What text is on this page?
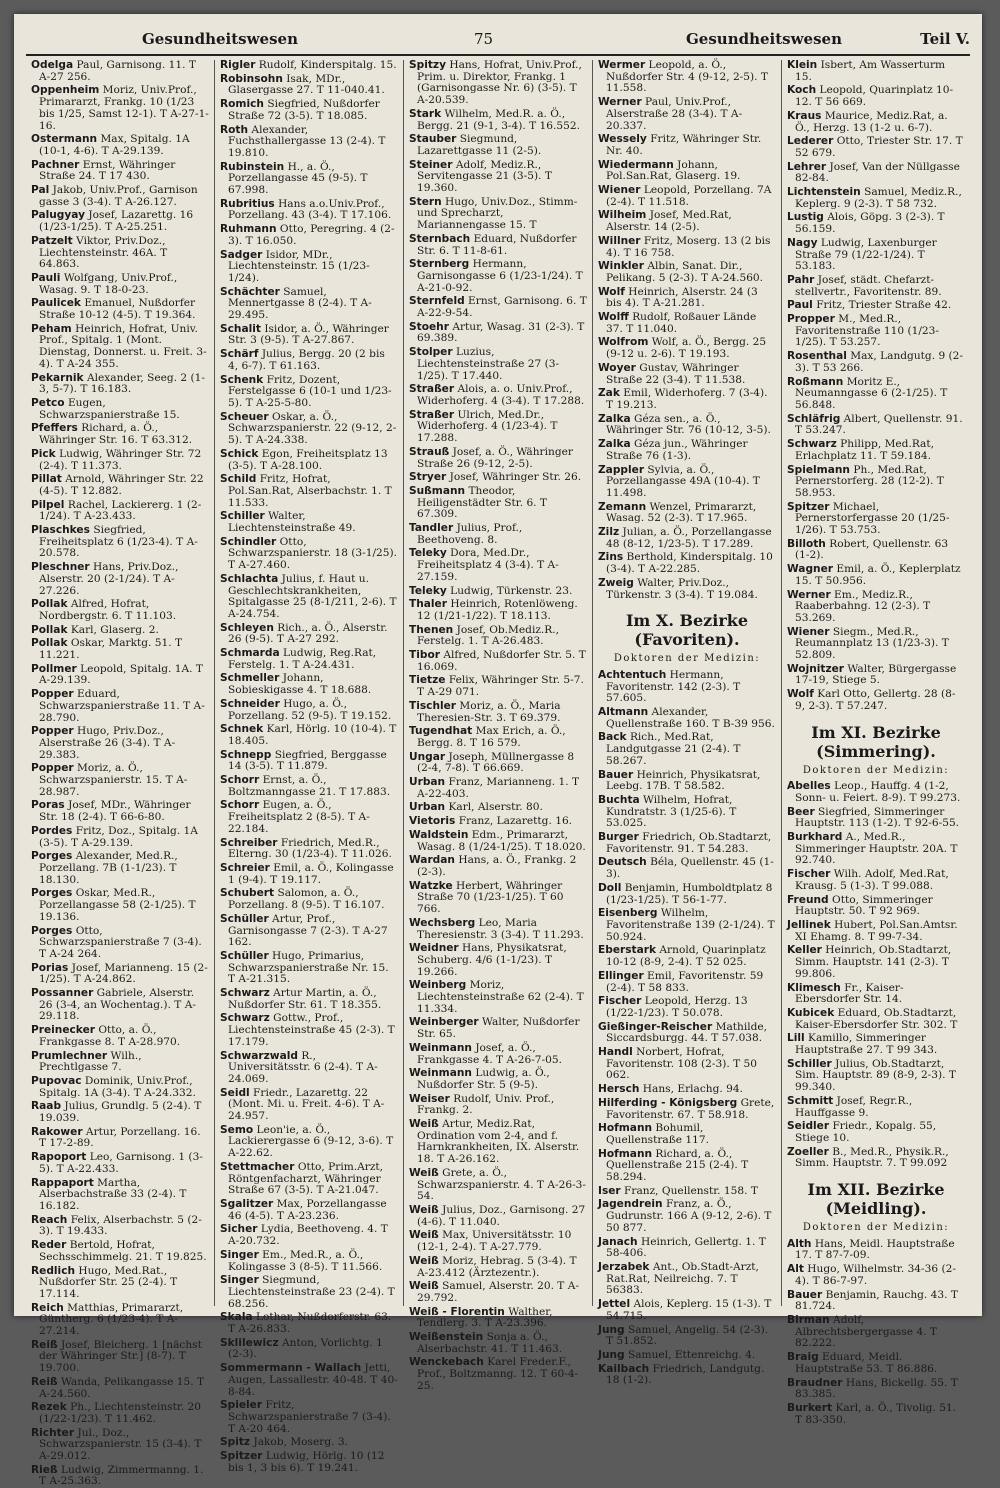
Gesundheitswesen	75	Gesundheitswesen	Teil V.
Odelga Paul, Garnisong. 11. T A-27 256.
Oppenheim Moriz, Univ.Prof., Primararzt, Frankg. 10 (1/23 bis 1/25, Samst 12-1). T A-27-1-16.
Ostermann Max, Spitalg. 1A (10-1, 4-6). T A-29.139.
Pachner Ernst, Währinger Straße 24. T 17 430.
Pal Jakob, Univ.Prof., Garnison gasse 3 (3-4). T A-26.127.
Palugyay Josef, Lazarettg. 16 (1/23-1/25). T A-25.251.
Patzelt Viktor, Priv.Doz., Liechtensteinstr. 46A. T 64.863.
Pauli Wolfgang, Univ.Prof., Wasag. 9. T 18-0-23.
Paulicek Emanuel, Nußdorfer Straße 10-12 (4-5). T 19.364.
Peham Heinrich, Hofrat, Univ. Prof., Spitalg. 1 (Mont. Dienstag, Donnerst. u. Freit. 3-4). T A-24 355.
Pekarnik Alexander, Seeg. 2 (1-3, 5-7). T 16.183.
Petco Eugen, Schwarzspanierstraße 15.
Pfeffers Richard, a. Ö., Währinger Str. 16. T 63.312.
Pick Ludwig, Währinger Str. 72 (2-4). T 11.373.
Pillat Arnold, Währinger Str. 22 (4-5). T 12.882.
Pilpel Rachel, Lackiererg. 1 (2-1/24). T A-23.433.
Plaschkes Siegfried, Freiheitsplatz 6 (1/23-4). T A-20.578.
Pleschner Hans, Priv.Doz., Alserstr. 20 (2-1/24). T A-27.226.
Pollak Alfred, Hofrat, Nordbergstr. 6. T 11.103.
Pollak Karl, Glaserg. 2.
Pollak Oskar, Marktg. 51. T 11.221.
Pollmer Leopold, Spitalg. 1A. T A-29.139.
Popper Eduard, Schwarzspanierstraße 11. T A-28.790.
Popper Hugo, Priv.Doz., Alserstraße 26 (3-4). T A-29.383.
Popper Moriz, a. Ö., Schwarzspanierstr. 15. T A-28.987.
Poras Josef, MDr., Währinger Str. 18 (2-4). T 66-6-80.
Pordes Fritz, Doz., Spitalg. 1A (3-5). T A-29.139.
Porges Alexander, Med.R., Porzellang. 7B (1-1/23). T 18.130.
Porges Oskar, Med.R., Porzellangasse 58 (2-1/25). T 19.136.
Porges Otto, Schwarzspanierstraße 7 (3-4). T A-24 264.
Porias Josef, Marianneng. 15 (2-1/25). T A-24.862.
Possanner Gabriele, Alserstr. 26 (3-4, an Wochentag.). T A-29.118.
Preinecker Otto, a. Ö., Frankgasse 8. T A-28.970.
Prumlechner Wilh., Prechtlgasse 7.
Pupovac Dominik, Univ.Prof., Spitalg. 1A (3-4). T A-24.332.
Raab Julius, Grundlg. 5 (2-4). T 19.039.
Rakower Artur, Porzellang. 16. T 17-2-89.
Rapoport Leo, Garnisong. 1 (3-5). T A-22.433.
Rappaport Martha, Alserbachstraße 33 (2-4). T 16.182.
Reach Felix, Alserbachstr. 5 (2-3). T 19.433.
Reder Bertold, Hofrat, Sechsschimmelg. 21. T 19.825.
Redlich Hugo, Med.Rat., Nußdorfer Str. 25 (2-4). T 17.114.
Reich Matthias, Primararzt, Güntherg. 6 (1/23-4). T A-27.214.
Reiß Josef, Bleicherg. 1 [nächst der Währinger Str.] (8-7). T 19.700.
Reiß Wanda, Pelikangasse 15. T A-24.560.
Rezek Ph., Liechtensteinstr. 20 (1/22-1/23). T 11.462.
Richter Jul., Doz., Schwarzspanierstr. 15 (3-4). T A-29.012.
Rieß Ludwig, Zimmermanng. 1. T A-25.363.
Rigler Rudolf, Kinderspitalg. 15.
Robinsohn Isak, MDr., Glasergasse 27. T 11-040.41.
Romich Siegfried, Nußdorfer Straße 72 (3-5). T 18.085.
Roth Alexander, Fuchsthallergasse 13 (2-4). T 19.810.
Rubinstein H., a. Ö., Porzellangasse 45 (9-5). T 67.998.
Rubritius Hans a.o.Univ.Prof., Porzellang. 43 (3-4). T 17.106.
Ruhmann Otto, Peregring. 4 (2-3). T 16.050.
Sadger Isidor, MDr., Liechtensteinstr. 15 (1/23-1/24).
Schächter Samuel, Mennertgasse 8 (2-4). T A-29.495.
Schalit Isidor, a. Ö., Währinger Str. 3 (9-5). T A-27.867.
Schärf Julius, Bergg. 20 (2 bis 4, 6-7). T 61.163.
Schenk Fritz, Dozent, Ferstelgasse 6 (10-1 und 1/23-5). T A-25-5-80.
Scheuer Oskar, a. Ö., Schwarzspanierstr. 22 (9-12, 2-5). T A-24.338.
Schick Egon, Freiheitsplatz 13 (3-5). T A-28.100.
Schild Fritz, Hofrat, Pol.San.Rat, Alserbachstr. 1. T 11.533.
Schiller Walter, Liechtensteinstraße 49.
Schindler Otto, Schwarzspanierstr. 18 (3-1/25). T A-27.460.
Schlachta Julius, f. Haut u. Geschlechtskrankheiten, Spitalgasse 25 (8-1/211, 2-6). T A-24.754.
Schleyen Rich., a. Ö., Alserstr. 26 (9-5). T A-27 292.
Schmarda Ludwig, Reg.Rat, Ferstelg. 1. T A-24.431.
Schmeller Johann, Sobieskigasse 4. T 18.688.
Schneider Hugo, a. Ö., Porzellang. 52 (9-5). T 19.152.
Schnek Karl, Hörlg. 10 (10-4). T 18.405.
Schnepp Siegfried, Berggasse 14 (3-5). T 11.879.
Schorr Ernst, a. Ö., Boltzmanngasse 21. T 17.883.
Schorr Eugen, a. Ö., Freiheitsplatz 2 (8-5). T A-22.184.
Schreiber Friedrich, Med.R., Elterng. 30 (1/23-4). T 11.026.
Schreier Emil, a. Ö., Kolingasse 1 (9-4). T 19.117.
Schubert Salomon, a. Ö., Porzellang. 8 (9-5). T 16.107.
Schüller Artur, Prof., Garnisongasse 7 (2-3). T A-27 162.
Schüller Hugo, Primarius, Schwarzspanierstraße Nr. 15. T A-21.315.
Schwarz Artur Martin, a. Ö., Nußdorfer Str. 61. T 18.355.
Schwarz Gottw., Prof., Liechtensteinstraße 45 (2-3). T 17.179.
Schwarzwald R., Universitätsstr. 6 (2-4). T A-24.069.
Seidl Friedr., Lazarettg. 22 (Mont. Mi. u. Freit. 4-6). T A-24.957.
Semo Leon'ie, a. Ö., Lackierergasse 6 (9-12, 3-6). T A-22.62.
Stettmacher Otto, Prim.Arzt, Röntgenfacharzt, Währinger Straße 67 (3-5). T A-21.047.
Sgalitzer Max, Porzellangasse 46 (4-5). T A-23.236.
Sicher Lydia, Beethoveng. 4. T A-20.732.
Singer Em., Med.R., a. Ö., Kolingasse 3 (8-5). T 11.566.
Singer Siegmund, Liechtensteinstraße 23 (2-4). T 68.256.
Skala Lothar, Nußdorferstr. 63. T A-26.833.
Sklilewicz Anton, Vorlichtg. 1 (2-3).
Sommermann - Wallach Jetti, Augen, Lassallestr. 40-48. T 40-8-84.
Spieler Fritz, Schwarzspanierstraße 7 (3-4). T A-20 464.
Spitz Jakob, Moserg. 3.
Spitzer Ludwig, Hörlg. 10 (12 bis 1, 3 bis 6). T 19.241.
Spitzy Hans, Hofrat, Univ.Prof., Prim. u. Direktor, Frankg. 1 (Garnisongasse Nr. 6) (3-5). T A-20.539.
Stark Wilhelm, Med.R. a. Ö., Bergg. 21 (9-1, 3-4). T 16.552.
Stauber Siegmund, Lazarettgasse 11 (2-5).
Steiner Adolf, Mediz.R., Servitengasse 21 (3-5). T 19.360.
Stern Hugo, Univ.Doz., Stimm- und Sprecharzt, Mariannengasse 15. T
Sternbach Eduard, Nußdorfer Str. 6. T 11-8-61.
Sternberg Hermann, Garnisongasse 6 (1/23-1/24). T A-21-0-92.
Sternfeld Ernst, Garnisong. 6. T A-22-9-54.
Stoehr Artur, Wasag. 31 (2-3). T 69.389.
Stolper Luzius, Liechtensteinstraße 27 (3-1/25). T 17.440.
Straßer Alois, a. o. Univ.Prof., Widerhoferg. 4 (3-4). T 17.288.
Straßer Ulrich, Med.Dr., Widerhoferg. 4 (1/23-4). T 17.288.
Strauß Josef, a. Ö., Währinger Straße 26 (9-12, 2-5).
Stryer Josef, Währinger Str. 26.
Sußmann Theodor, Heiligenstädter Str. 6. T 67.309.
Tandler Julius, Prof., Beethoveng. 8.
Teleky Dora, Med.Dr., Freiheitsplatz 4 (3-4). T A-27.159.
Teleky Ludwig, Türkenstr. 23.
Thaler Heinrich, Rotenlöweng. 12 (1/21-1/22). T 18.113.
Thenen Josef, Ob.Mediz.R., Ferstelg. 1. T A-26.483.
Tibor Alfred, Nußdorfer Str. 5. T 16.069.
Tietze Felix, Währinger Str. 5-7. T A-29 071.
Tischler Moriz, a. Ö., Maria Theresien-Str. 3. T 69.379.
Tugendhat Max Erich, a. Ö., Bergg. 8. T 16 579.
Ungar Joseph, Müllnergasse 8 (2-4, 7-8). T 66.669.
Urban Franz, Marianneng. 1. T A-22-403.
Urban Karl, Alserstr. 80.
Vietoris Franz, Lazarettg. 16.
Waldstein Edm., Primararzt, Wasag. 8 (1/24-1/25). T 18.020.
Wardan Hans, a. Ö., Frankg. 2 (2-3).
Watzke Herbert, Währinger Straße 70 (1/23-1/25). T 60 766.
Wechsberg Leo, Maria Theresienstr. 3 (3-4). T 11.293.
Weidner Hans, Physikatsrat, Schuberg. 4/6 (1-1/23). T 19.266.
Weinberg Moriz, Liechtensteinstraße 62 (2-4). T 11.334.
Weinberger Walter, Nußdorfer Str. 65.
Weinmann Josef, a. Ö., Frankgasse 4. T A-26-7-05.
Weinmann Ludwig, a. Ö., Nußdorfer Str. 5 (9-5).
Weiser Rudolf, Univ. Prof., Frankg. 2.
Weiß Artur, Mediz.Rat, Ordination vom 2-4, and f. Harnkrankheiten, IX. Alserstr. 18. T A-26.162.
Weiß Grete, a. Ö., Schwarzspanierstr. 4. T A-26-3-54.
Weiß Julius, Doz., Garnisong. 27 (4-6). T 11.040.
Weiß Max, Universitätsstr. 10 (12-1, 2-4). T A-27.779.
Weiß Moriz, Hebrag. 5 (3-4). T A-23.412 (Ärztezentr.).
Weiß Samuel, Alserstr. 20. T A-29.792.
Weiß - Florentin Walther, Tendlerg. 3. T A-23.396.
Weißenstein Sonja a. Ö., Alserbachstr. 41. T 11.463.
Wenckebach Karel Freder.F., Prof., Boltzmanng. 12. T 60-4-25.
Wermer Leopold, a. Ö., Nußdorfer Str. 4 (9-12, 2-5). T 11.558.
Werner Paul, Univ.Prof., Alserstraße 28 (3-4). T A-20.337.
Wessely Fritz, Währinger Str. Nr. 40.
Wiedermann Johann, Pol.San.Rat, Glaserg. 19.
Wiener Leopold, Porzellang. 7A (2-4). T 11.518.
Wilheim Josef, Med.Rat, Alserstr. 14 (2-5).
Willner Fritz, Moserg. 13 (2 bis 4). T 16 758.
Winkler Albin, Sanat. Dir., Pelikang. 5 (2-3). T A-24.560.
Wolf Heinrich, Alserstr. 24 (3 bis 4). T A-21.281.
Wolff Rudolf, Roßauer Lände 37. T 11.040.
Wolfrom Wolf, a. Ö., Bergg. 25 (9-12 u. 2-6). T 19.193.
Woyer Gustav, Währinger Straße 22 (3-4). T 11.538.
Zak Emil, Widerhoferg. 7 (3-4). T 19.213.
Zalka Géza sen., a. Ö., Währinger Str. 76 (10-12, 3-5).
Zalka Géza jun., Währinger Straße 76 (1-3).
Zappler Sylvia, a. Ö., Porzellangasse 49A (10-4). T 11.498.
Zemann Wenzel, Primararzt, Wasag. 52 (2-3). T 17.965.
Zilz Julian, a. Ö., Porzellangasse 48 (8-12, 1/23-5). T 17.289.
Zins Berthold, Kinderspitalg. 10 (3-4). T A-22.285.
Zweig Walter, Priv.Doz., Türkenstr. 3 (3-4). T 19.084.
Im X. Bezirke
(Favoriten).
Doktoren der Medizin:
Achtentuch Hermann, Favoritenstr. 142 (2-3). T 57.605.
Altmann Alexander, Quellenstraße 160. T B-39 956.
Back Rich., Med.Rat, Landgutgasse 21 (2-4). T 58.267.
Bauer Heinrich, Physikatsrat, Leebg. 17B. T 58.582.
Buchta Wilhelm, Hofrat, Kundratstr. 3 (1/25-6). T 53.025.
Burger Friedrich, Ob.Stadtarzt, Favoritenstr. 91. T 54.283.
Deutsch Béla, Quellenstr. 45 (1-3).
Doll Benjamin, Humboldtplatz 8 (1/23-1/25). T 56-1-77.
Eisenberg Wilhelm, Favoritenstraße 139 (2-1/24). T 50.924.
Eberstark Arnold, Quarinplatz 10-12 (8-9, 2-4). T 52 025.
Ellinger Emil, Favoritenstr. 59 (2-4). T 58 833.
Fischer Leopold, Herzg. 13 (1/22-1/23). T 50.078.
Gießinger-Reischer Mathilde, Siccardsburgg. 44. T 57.038.
Handl Norbert, Hofrat, Favoritenstr. 108 (2-3). T 50 062.
Hersch Hans, Erlachg. 94.
Hilferding - Königsberg Grete, Favoritenstr. 67. T 58.918.
Hofmann Bohumil, Quellenstraße 117.
Hofmann Richard, a. Ö., Quellenstraße 215 (2-4). T 58.294.
Iser Franz, Quellenstr. 158. T
Jagendrein Franz, a. Ö., Gudrunstr. 166 A (9-12, 2-6). T 50 877.
Janach Heinrich, Gellertg. 1. T 58-406.
Jerzabek Ant., Ob.Stadt-Arzt, Rat.Rat, Neilreichg. 7. T 56383.
Jettel Alois, Keplerg. 15 (1-3). T 54.715.
Jung Samuel, Angelig. 54 (2-3). T 51.852.
Jung Samuel, Ettenreichg. 4.
Kailbach Friedrich, Landgutg. 18 (1-2).
Klein Isbert, Am Wasserturm 15.
Koch Leopold, Quarinplatz 10-12. T 56 669.
Kraus Maurice, Mediz.Rat, a. Ö., Herzg. 13 (1-2 u. 6-7).
Lederer Otto, Triester Str. 17. T 52 679.
Lehrer Josef, Van der Nüllgasse 82-84.
Lichtenstein Samuel, Mediz.R., Keplerg. 9 (2-3). T 58 732.
Lustig Alois, Göpg. 3 (2-3). T 56.159.
Nagy Ludwig, Laxenburger Straße 79 (1/22-1/24). T 53.183.
Pahr Josef, städt. Chefarzt-stellvertr., Favoritenstr. 89.
Paul Fritz, Triester Straße 42.
Propper M., Med.R., Favoritenstraße 110 (1/23-1/25). T 53.257.
Rosenthal Max, Landgutg. 9 (2-3). T 53 266.
Roßmann Moritz E., Neumanngasse 6 (2-1/25). T 56.848.
Schläfrig Albert, Quellenstr. 91. T 53.247.
Schwarz Philipp, Med.Rat, Erlachplatz 11. T 59.184.
Spielmann Ph., Med.Rat, Pernerstorferg. 28 (12-2). T 58.953.
Spitzer Michael, Pernerstorfergasse 20 (1/25-1/26). T 53.753.
Billoth Robert, Quellenstr. 63 (1-2).
Wagner Emil, a. Ö., Keplerplatz 15. T 50.956.
Werner Em., Mediz.R., Raaberbahng. 12 (2-3). T 53.269.
Wiener Siegm., Med.R., Reumannplatz 13 (1/23-3). T 52.809.
Wojnitzer Walter, Bürgergasse 17-19, Stiege 5.
Wolf Karl Otto, Gellertg. 28 (8-9, 2-3). T 57.247.
Im XI. Bezirke
(Simmering).
Doktoren der Medizin:
Abelles Leop., Hauffg. 4 (1-2, Sonn- u. Feiert. 8-9). T 99.273.
Beer Siegfried, Simmeringer Hauptstr. 113 (1-2). T 92-6-55.
Burkhard A., Med.R., Simmeringer Hauptstr. 20A. T 92.740.
Fischer Wilh. Adolf, Med.Rat, Krausg. 5 (1-3). T 99.088.
Freund Otto, Simmeringer Hauptstr. 50. T 92 969.
Jellinek Hubert, Pol.San.Amtsr. XI Ehamg. 8. T 99-7-34.
Keller Heinrich, Ob.Stadtarzt, Simm. Hauptstr. 141 (2-3). T 99.806.
Klimesch Fr., Kaiser-Ebersdorfer Str. 14.
Kubicek Eduard, Ob.Stadtarzt, Kaiser-Ebersdorfer Str. 302. T
Lill Kamillo, Simmeringer Hauptstraße 27. T 99 343.
Schiller Julius, Ob.Stadtarzt, Sim. Hauptstr. 89 (8-9, 2-3). T 99.340.
Schmitt Josef, Regr.R., Hauffgasse 9.
Seidler Friedr., Kopalg. 55, Stiege 10.
Zoeller B., Med.R., Physik.R., Simm. Hauptstr. 7. T 99.092
Im XII. Bezirke
(Meidling).
Doktoren der Medizin:
Alth Hans, Meidl. Hauptstraße 17. T 87-7-09.
Alt Hugo, Wilhelmstr. 34-36 (2-4). T 86-7-97.
Bauer Benjamin, Rauchg. 43. T 81.724.
Birman Adolf, Albrechtsbergergasse 4. T 82.222.
Braig Eduard, Meidl. Hauptstraße 53. T 86.886.
Braudner Hans, Bickellg. 55. T 83.385.
Burkert Karl, a. Ö., Tivolig. 51. T 83-350.
